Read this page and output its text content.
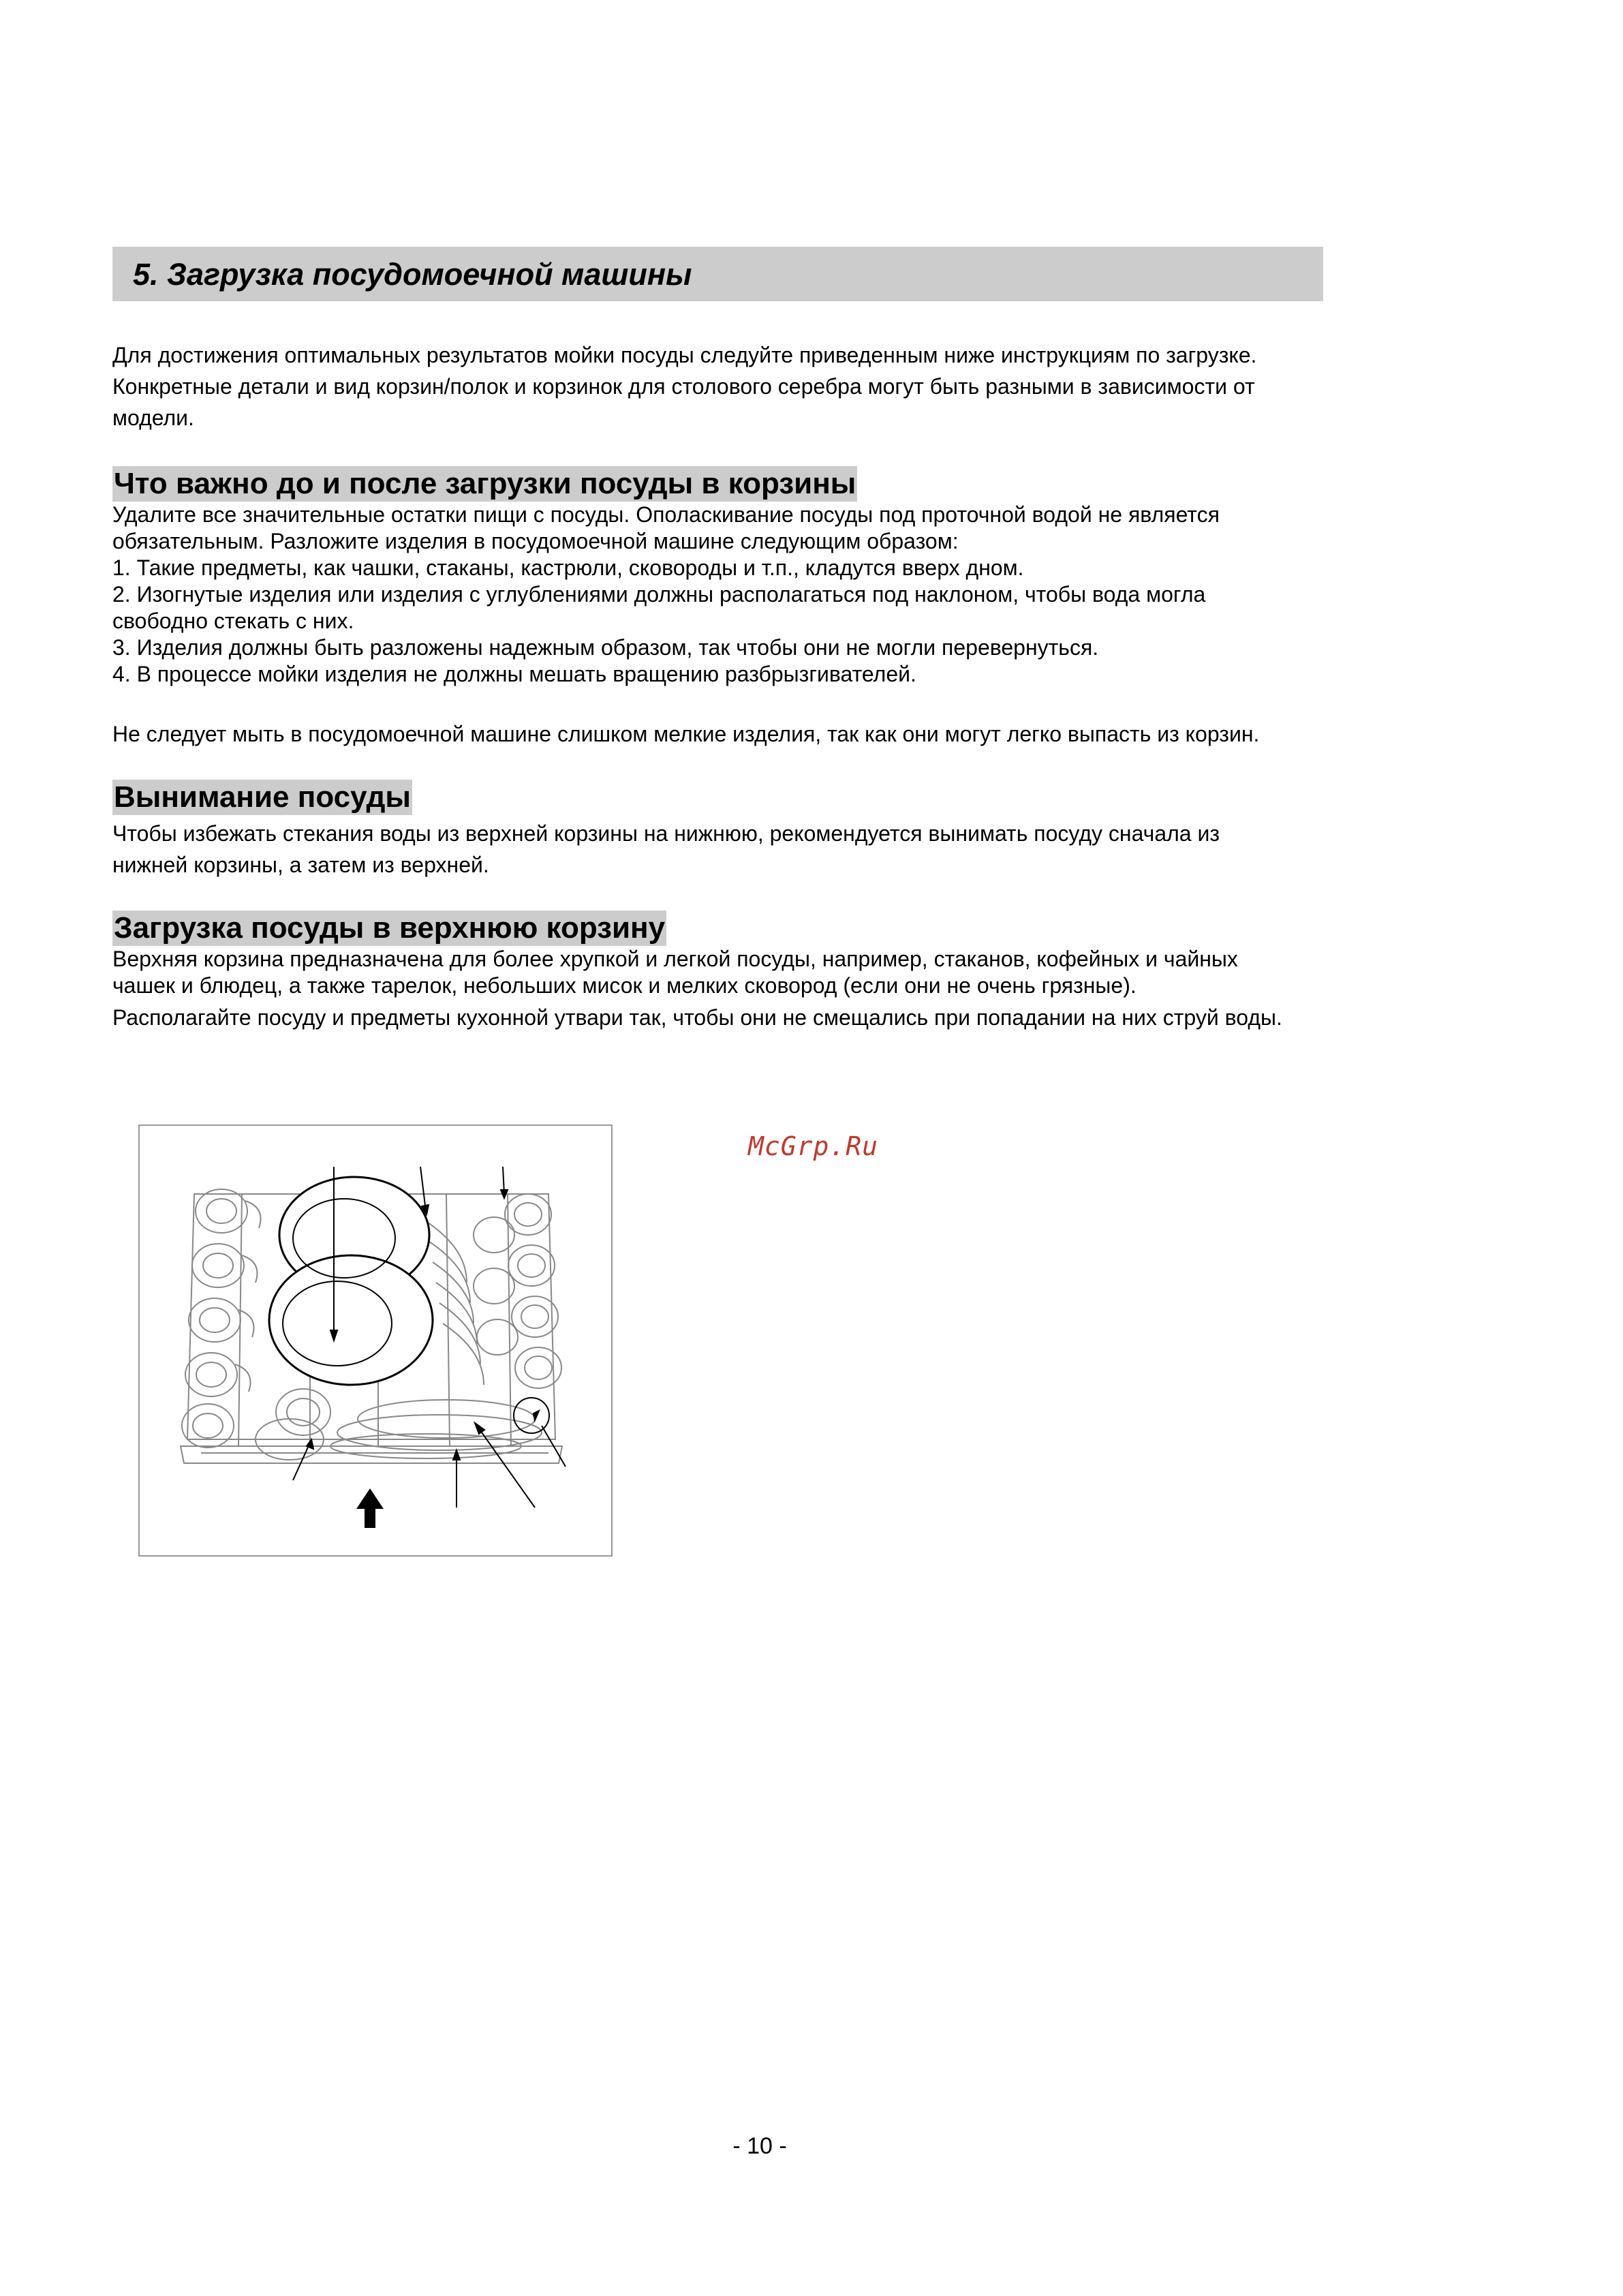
5. Загрузка посудомоечной машины

Для достижения оптимальных результатов мойки посуды следуйте приведенным ниже инструкциям по загрузке.
Конкретные детали и вид корзин/полок и корзинок для столового серебра могут быть разными в зависимости от
модели.

Что важно до и после загрузки посуды в корзины

Удалите все значительные остатки пищи с посуды. Ополаскивание посуды под проточной водой не является
обязательным. Разложите изделия в посудомоечной машине следующим образом:
1. Такие предметы, как чашки, стаканы, кастрюли, сковороды и т.п., кладутся вверх дном.
2. Изогнутые изделия или изделия с углублениями должны располагаться под наклоном, чтобы вода могла
свободно стекать с них.
3. Изделия должны быть разложены надежным образом, так чтобы они не могли перевернуться.
4. В процессе мойки изделия не должны мешать вращению разбрызгивателей.

Не следует мыть в посудомоечной машине слишком мелкие изделия, так как они могут легко выпасть из корзин.

Вынимание посуды

Чтобы избежать стекания воды из верхней корзины на нижнюю, рекомендуется вынимать посуду сначала из
нижней корзины, а затем из верхней.

Загрузка посуды в верхнюю корзину

Верхняя корзина предназначена для более хрупкой и легкой посуды, например, стаканов, кофейных и чайных
чашек и блюдец, а также тарелок, небольших мисок и мелких сковород (если они не очень грязные).
Располагайте посуду и предметы кухонной утвари так, чтобы они не смещались при попадании на них струй воды.

McGrp.Ru
- 10 -
